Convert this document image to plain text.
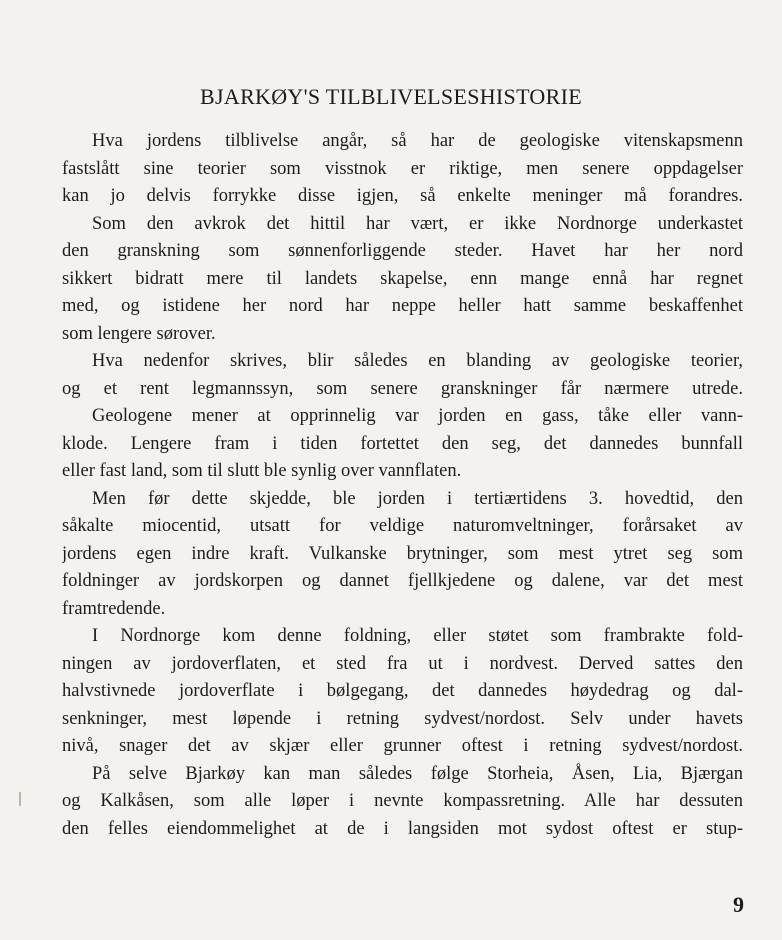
BJARKØY'S TILBLIVELSESHISTORIE
Hva jordens tilblivelse angår, så har de geologiske vitenskapsmenn
fastslått sine teorier som visstnok er riktige, men senere oppdagelser
kan jo delvis forrykke disse igjen, så enkelte meninger må forandres.
Som den avkrok det hittil har vært, er ikke Nordnorge underkastet
den granskning som sønnenforliggende steder. Havet har her nord
sikkert bidratt mere til landets skapelse, enn mange ennå har regnet
med, og istidene her nord har neppe heller hatt samme beskaffenhet
som lengere sørover.
Hva nedenfor skrives, blir således en blanding av geologiske teorier,
og et rent legmannssyn, som senere granskninger får nærmere utrede.
Geologene mener at opprinnelig var jorden en gass, tåke eller vann-
klode. Lengere fram i tiden fortettet den seg, det dannedes bunnfall
eller fast land, som til slutt ble synlig over vannflaten.
Men før dette skjedde, ble jorden i tertiærtidens 3. hovedtid, den
såkalte miocentid, utsatt for veldige naturomveltninger, forårsaket av
jordens egen indre kraft. Vulkanske brytninger, som mest ytret seg som
foldninger av jordskorpen og dannet fjellkjedene og dalene, var det mest
framtredende.
I Nordnorge kom denne foldning, eller støtet som frambrakte fold-
ningen av jordoverflaten, et sted fra ut i nordvest. Derved sattes den
halvstivnede jordoverflate i bølgegang, det dannedes høydedrag og dal-
senkninger, mest løpende i retning sydvest/nordost. Selv under havets
nivå, snager det av skjær eller grunner oftest i retning sydvest/nordost.
På selve Bjarkøy kan man således følge Storheia, Åsen, Lia, Bjærgan
og Kalkåsen, som alle løper i nevnte kompassretning. Alle har dessuten
den felles eiendommelighet at de i langsiden mot sydost oftest er stup-
9
